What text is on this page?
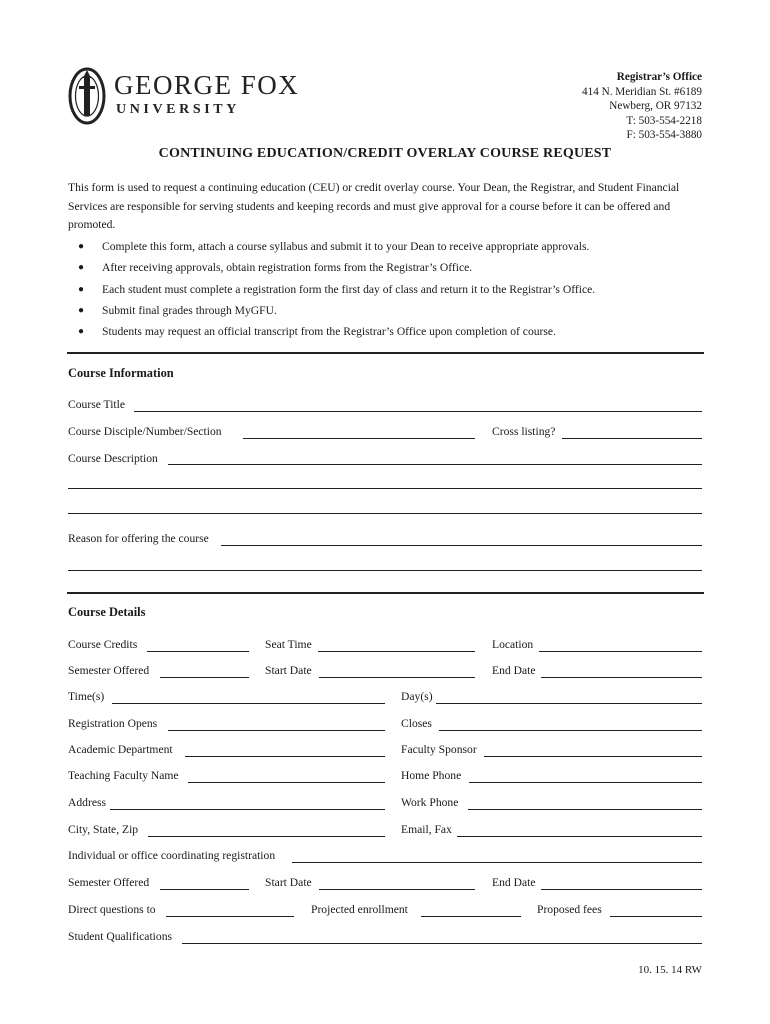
GEORGE FOX
UNIVERSITY
Registrar’s Office
414 N. Meridian St. #6189
Newberg, OR 97132
T: 503-554-2218
F: 503-554-3880
CONTINUING EDUCATION/CREDIT OVERLAY COURSE REQUEST
This form is used to request a continuing education (CEU) or credit overlay course. Your Dean, the Registrar, and Student Financial Services are responsible for serving students and keeping records and must give approval for a course before it can be offered and promoted.
● Complete this form, attach a course syllabus and submit it to your Dean to receive appropriate approvals.
● After receiving approvals, obtain registration forms from the Registrar’s Office.
● Each student must complete a registration form the first day of class and return it to the Registrar’s Office.
● Submit final grades through MyGFU.
● Students may request an official transcript from the Registrar’s Office upon completion of course.
Course Information
Course Title
Course Disciple/Number/Section	Cross listing?
Course Description
Reason for offering the course
Course Details
Course Credits	Seat Time	Location
Semester Offered	Start Date	End Date
Time(s)	Day(s)
Registration Opens	Closes
Academic Department	Faculty Sponsor
Teaching Faculty Name	Home Phone
Address	Work Phone
City, State, Zip	Email, Fax
Individual or office coordinating registration
Semester Offered	Start Date	End Date
Direct questions to	Projected enrollment	Proposed fees
Student Qualifications
10. 15. 14 RW
